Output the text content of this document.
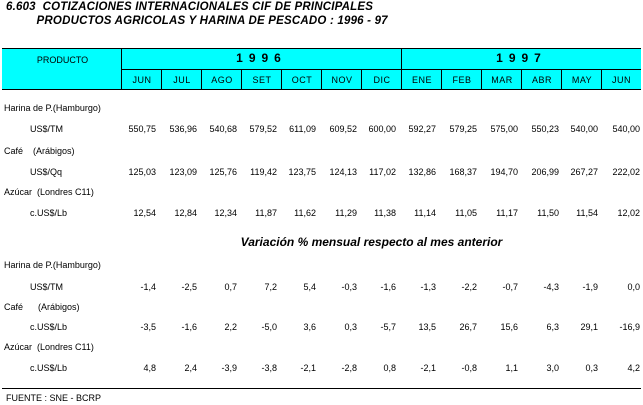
6.603  COTIZACIONES INTERNACIONALES CIF DE PRINCIPALES
PRODUCTOS AGRICOLAS Y HARINA DE PESCADO : 1996 - 97
PRODUCTO	1996	1997
JUN	JUL	AGO	SET	OCT	NOV	DIC	ENE	FEB	MAR	ABR	MAY	JUN
Harina de P.(Hamburgo)
US$/TM	550,75	536,96	540,68	579,52	611,09	609,52	600,00	592,27	579,25	575,00	550,23	540,00	540,00
Café    (Arábigos)
US$/Qq	125,03	123,09	125,76	119,42	123,75	124,13	117,02	132,86	168,37	194,70	206,99	267,27	222,02
Azúcar  (Londres C11)
c.US$/Lb	12,54	12,84	12,34	11,87	11,62	11,29	11,38	11,14	11,05	11,17	11,50	11,54	12,02
Variación % mensual respecto al mes anterior
Harina de P.(Hamburgo)
US$/TM	-1,4	-2,5	0,7	7,2	5,4	-0,3	-1,6	-1,3	-2,2	-0,7	-4,3	-1,9	0,0
Café      (Arábigos)
c.US$/Lb	-3,5	-1,6	2,2	-5,0	3,6	0,3	-5,7	13,5	26,7	15,6	6,3	29,1	-16,9
Azúcar  (Londres C11)
c.US$/Lb	4,8	2,4	-3,9	-3,8	-2,1	-2,8	0,8	-2,1	-0,8	1,1	3,0	0,3	4,2
FUENTE : SNE - BCRP
